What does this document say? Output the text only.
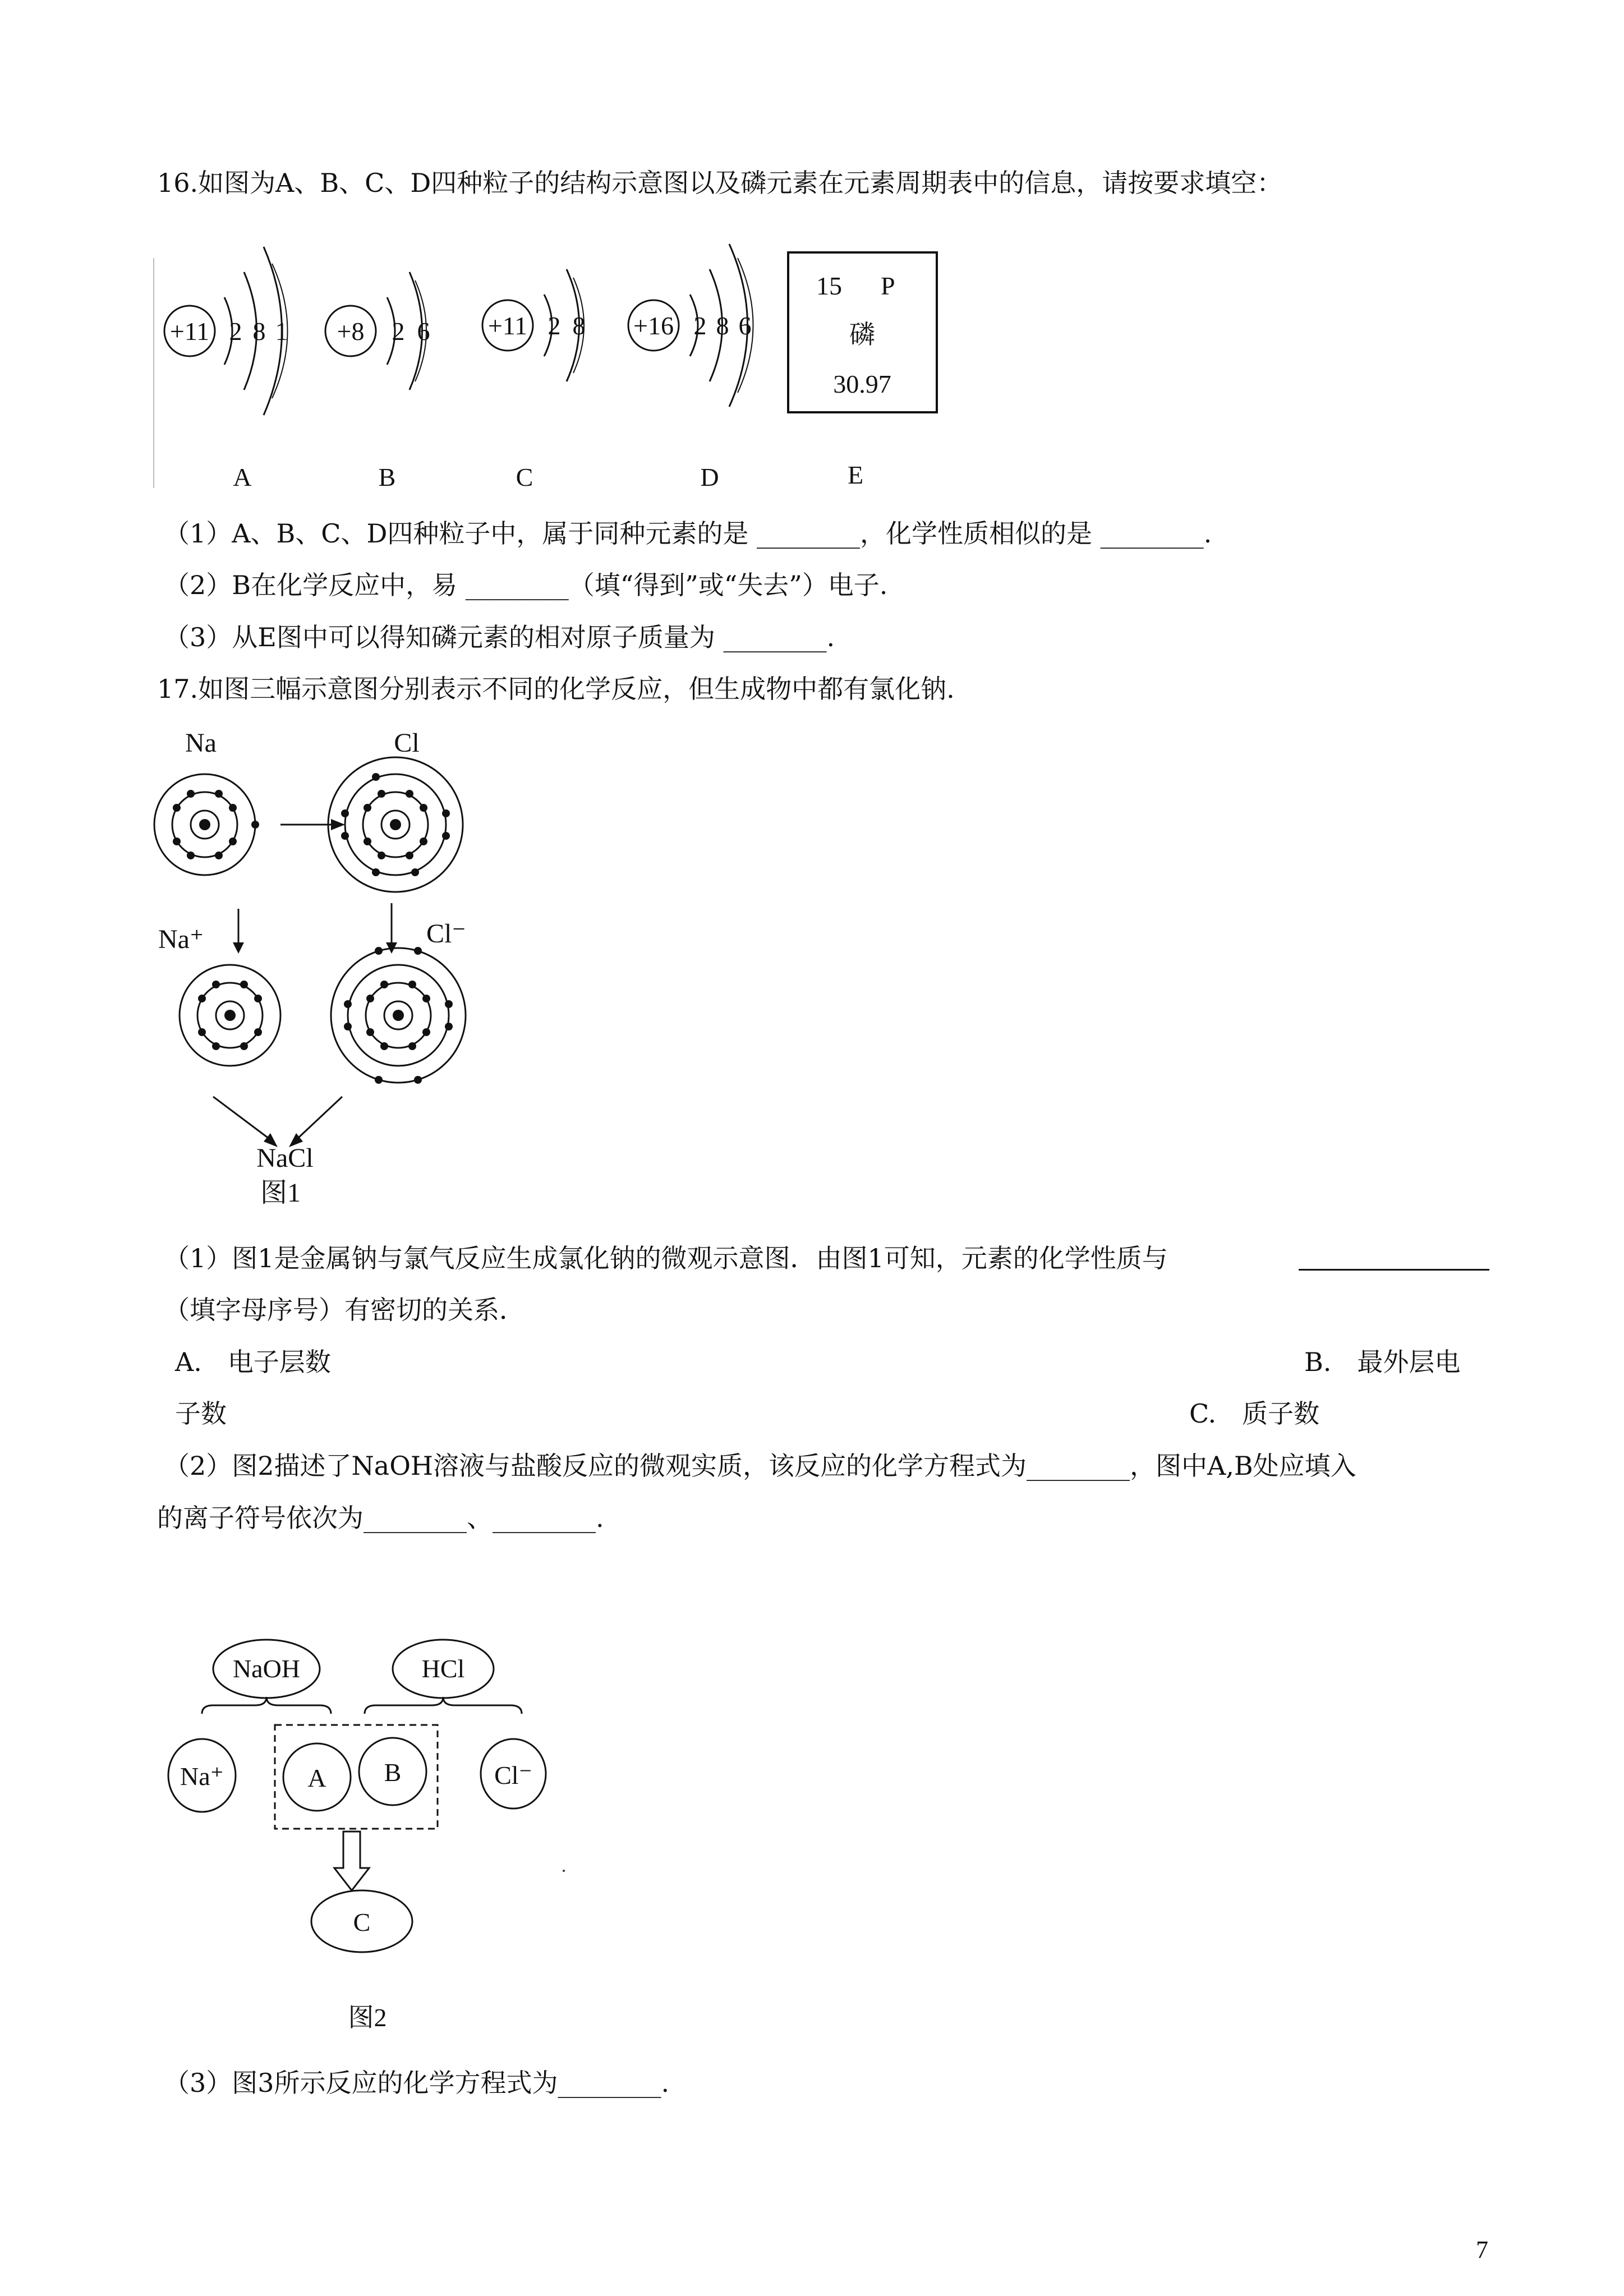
16.如图为A、B、C、D四种粒子的结构示意图以及磷元素在元素周期表中的信息，请按要求填空：
+11 2 8 1 +8 2 6 +11 2 8 +16 2 8 6
15 P
磷
30.97
A	B	C	D	E
（1）A、B、C、D四种粒子中，属于同种元素的是 ________，化学性质相似的是 ________.
（2）B在化学反应中，易 ________（填“得到”或“失去”）电子.
（3）从E图中可以得知磷元素的相对原子质量为 ________.
17.如图三幅示意图分别表示不同的化学反应，但生成物中都有氯化钠.
Na	Cl
Na⁺	Cl⁻
NaCl
图1
（1）图1是金属钠与氯气反应生成氯化钠的微观示意图．由图1可知，元素的化学性质与
（填字母序号）有密切的关系．
A.　电子层数	B.　最外层电
子数	C.　质子数
（2）图2描述了NaOH溶液与盐酸反应的微观实质，该反应的化学方程式为________，图中A,B处应填入
的离子符号依次为________、________.
NaOH	HCl
Na⁺	A B	Cl⁻
C
图2
（3）图3所示反应的化学方程式为________.
7
